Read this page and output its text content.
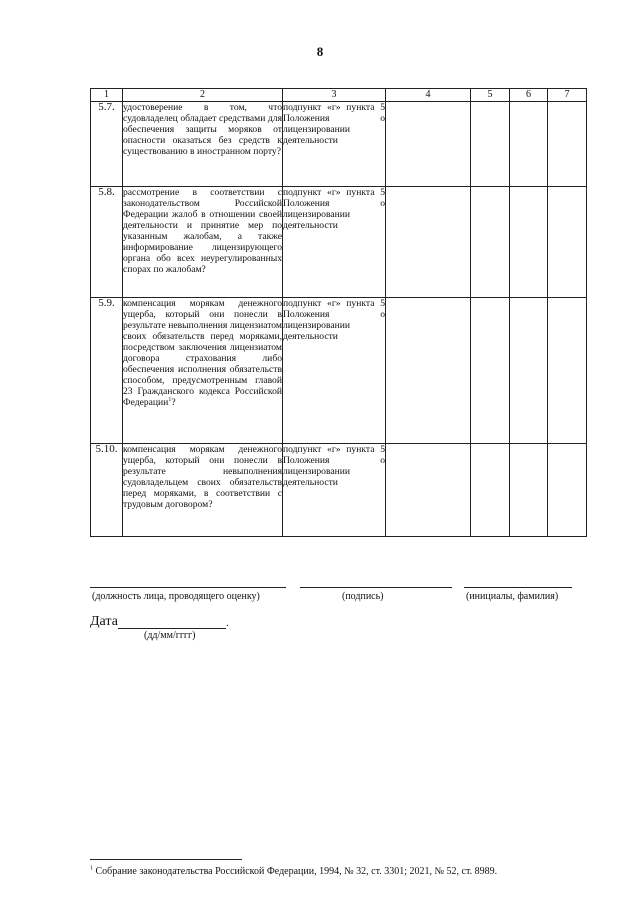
8
1	2	3	4	5	6	7
5.7.	удостоверение в том, что судовладелец обладает средствами для обеспечения защиты моряков от опасности оказаться без средств к существованию в иностранном порту?	подпункт «г» пункта 5 Положения о лицензировании деятельности				
5.8.	рассмотрение в соответствии с законодательством Российской Федерации жалоб в отношении своей деятельности и принятие мер по указанным жалобам, а также информирование лицензирующего органа обо всех неурегулированных спорах по жалобам?	подпункт «г» пункта 5 Положения о лицензировании деятельности				
5.9.	компенсация морякам денежного ущерба, который они понесли в результате невыполнения лицензиатом своих обязательств перед моряками, посредством заключения лицензиатом договора страхования либо обеспечения исполнения обязательств способом, предусмотренным главой 23 Гражданского кодекса Российской Федерации$^1$?	подпункт «г» пункта 5 Положения о лицензировании деятельности				
5.10.	компенсация морякам денежного ущерба, который они понесли в результате невыполнения судовладельцем своих обязательств перед моряками, в соответствии с трудовым договором?	подпункт «г» пункта 5 Положения о лицензировании деятельности				
(должность лица, проводящего оценку)	(подпись)	(инициалы, фамилия)
Дата	.
(дд/мм/гггг)
$^1$ Собрание законодательства Российской Федерации, 1994, № 32, ст. 3301; 2021, № 52, ст. 8989.
